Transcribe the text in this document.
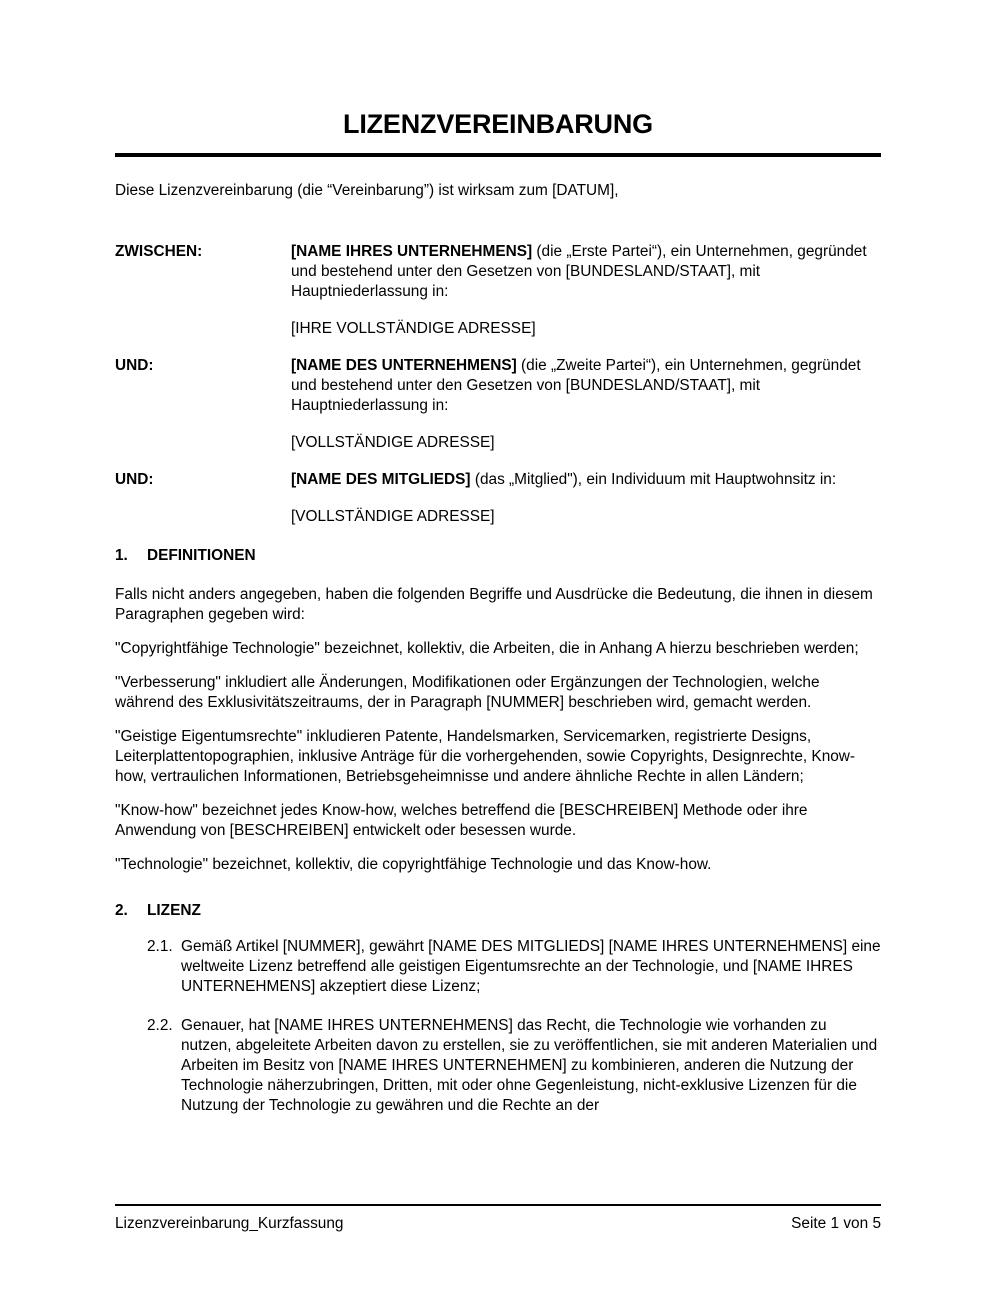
LIZENZVEREINBARUNG

Diese Lizenzvereinbarung (die “Vereinbarung”) ist wirksam zum [DATUM],

ZWISCHEN:	[NAME IHRES UNTERNEHMENS] (die „Erste Partei“), ein Unternehmen, gegründet und bestehend unter den Gesetzen von [BUNDESLAND/STAAT], mit Hauptniederlassung in:
[IHRE VOLLSTÄNDIGE ADRESSE]
UND:	[NAME DES UNTERNEHMENS] (die „Zweite Partei“), ein Unternehmen, gegründet und bestehend unter den Gesetzen von [BUNDESLAND/STAAT], mit Hauptniederlassung in:
[VOLLSTÄNDIGE ADRESSE]
UND:	[NAME DES MITGLIEDS] (das „Mitglied"), ein Individuum mit Hauptwohnsitz in:
[VOLLSTÄNDIGE ADRESSE]
1.	DEFINITIONEN

Falls nicht anders angegeben, haben die folgenden Begriffe und Ausdrücke die Bedeutung, die ihnen in diesem Paragraphen gegeben wird:

"Copyrightfähige Technologie" bezeichnet, kollektiv, die Arbeiten, die in Anhang A hierzu beschrieben werden;

"Verbesserung" inkludiert alle Änderungen, Modifikationen oder Ergänzungen der Technologien, welche während des Exklusivitätszeitraums, der in Paragraph [NUMMER] beschrieben wird, gemacht werden.

"Geistige Eigentumsrechte" inkludieren Patente, Handelsmarken, Servicemarken, registrierte Designs, Leiterplattentopographien, inklusive Anträge für die vorhergehenden, sowie Copyrights, Designrechte, Know-how, vertraulichen Informationen, Betriebsgeheimnisse und andere ähnliche Rechte in allen Ländern;

"Know-how" bezeichnet jedes Know-how, welches betreffend die [BESCHREIBEN] Methode oder ihre Anwendung von [BESCHREIBEN] entwickelt oder besessen wurde.

"Technologie" bezeichnet, kollektiv, die copyrightfähige Technologie und das Know-how.

2.	LIZENZ
2.1. Gemäß Artikel [NUMMER], gewährt [NAME DES MITGLIEDS] [NAME IHRES UNTERNEHMENS] eine weltweite Lizenz betreffend alle geistigen Eigentumsrechte an der Technologie, und [NAME IHRES UNTERNEHMENS] akzeptiert diese Lizenz;
2.2. Genauer, hat [NAME IHRES UNTERNEHMENS] das Recht, die Technologie wie vorhanden zu nutzen, abgeleitete Arbeiten davon zu erstellen, sie zu veröffentlichen, sie mit anderen Materialien und Arbeiten im Besitz von [NAME IHRES UNTERNEHMEN] zu kombinieren, anderen die Nutzung der Technologie näherzubringen, Dritten, mit oder ohne Gegenleistung, nicht-exklusive Lizenzen für die Nutzung der Technologie zu gewähren und die Rechte an der
Lizenzvereinbarung_Kurzfassung	Seite 1 von 5
